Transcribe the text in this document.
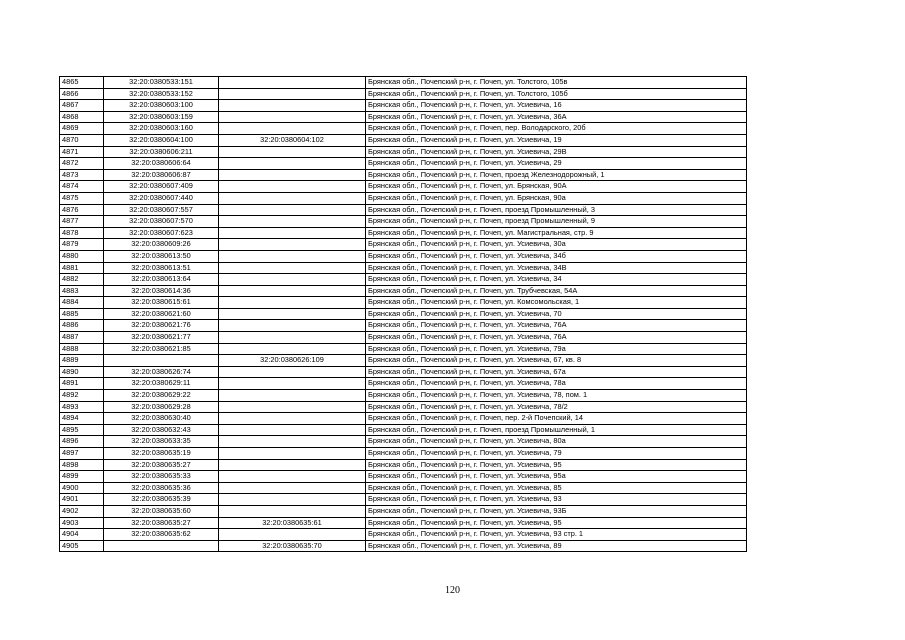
4865	32:20:0380533:151		Брянская обл., Почепский р-н, г. Почеп, ул. Толстого, 105в
4866	32:20:0380533:152		Брянская обл., Почепский р-н, г. Почеп, ул. Толстого, 105б
4867	32:20:0380603:100		Брянская обл., Почепский р-н, г. Почеп, ул. Усиевича, 16
4868	32:20:0380603:159		Брянская обл., Почепский р-н, г. Почеп, ул. Усиевича, 36А
4869	32:20:0380603:160		Брянская обл., Почепский р-н, г. Почеп, пер. Володарского, 20б
4870	32:20:0380604:100	32:20:0380604:102	Брянская обл., Почепский р-н, г. Почеп, ул. Усиевича, 19
4871	32:20:0380606:211		Брянская обл., Почепский р-н, г. Почеп, ул. Усиевича, 29В
4872	32:20:0380606:64		Брянская обл., Почепский р-н, г. Почеп, ул. Усиевича, 29
4873	32:20:0380606:87		Брянская обл., Почепский р-н, г. Почеп, проезд Железнодорожный, 1
4874	32:20:0380607:409		Брянская обл., Почепский р-н, г. Почеп, ул. Брянская, 90А
4875	32:20:0380607:440		Брянская обл., Почепский р-н, г. Почеп, ул. Брянская, 90а
4876	32:20:0380607:557		Брянская обл., Почепский р-н, г. Почеп, проезд Промышленный, 3
4877	32:20:0380607:570		Брянская обл., Почепский р-н, г. Почеп, проезд Промышленный, 9
4878	32:20:0380607:623		Брянская обл., Почепский р-н, г. Почеп, ул. Магистральная, стр. 9
4879	32:20:0380609:26		Брянская обл., Почепский р-н, г. Почеп, ул. Усиевича, 30а
4880	32:20:0380613:50		Брянская обл., Почепский р-н, г. Почеп, ул. Усиевича, 34б
4881	32:20:0380613:51		Брянская обл., Почепский р-н, г. Почеп, ул. Усиевича, 34В
4882	32:20:0380613:64		Брянская обл., Почепский р-н, г. Почеп, ул. Усиевича, 34
4883	32:20:0380614:36		Брянская обл., Почепский р-н, г. Почеп, ул. Трубчевская, 54А
4884	32:20:0380615:61		Брянская обл., Почепский р-н, г. Почеп, ул. Комсомольская, 1
4885	32:20:0380621:60		Брянская обл., Почепский р-н, г. Почеп, ул. Усиевича, 70
4886	32:20:0380621:76		Брянская обл., Почепский р-н, г. Почеп, ул. Усиевича, 76А
4887	32:20:0380621:77		Брянская обл., Почепский р-н, г. Почеп, ул. Усиевича, 76А
4888	32:20:0380621:85		Брянская обл., Почепский р-н, г. Почеп, ул. Усиевича, 79а
4889		32:20:0380626:109	Брянская обл., Почепский р-н, г. Почеп, ул. Усиевича, 67, кв. 8
4890	32:20:0380626:74		Брянская обл., Почепский р-н, г. Почеп, ул. Усиевича, 67а
4891	32:20:0380629:11		Брянская обл., Почепский р-н, г. Почеп, ул. Усиевича, 78а
4892	32:20:0380629:22		Брянская обл., Почепский р-н, г. Почеп, ул. Усиевича, 78, пом. 1
4893	32:20:0380629:28		Брянская обл., Почепский р-н, г. Почеп, ул. Усиевича, 78/2
4894	32:20:0380630:40		Брянская обл., Почепский р-н, г. Почеп, пер. 2-й Почепский, 14
4895	32:20:0380632:43		Брянская обл., Почепский р-н, г. Почеп, проезд Промышленный, 1
4896	32:20:0380633:35		Брянская обл., Почепский р-н, г. Почеп, ул. Усиевича, 80а
4897	32:20:0380635:19		Брянская обл., Почепский р-н, г. Почеп, ул. Усиевича, 79
4898	32:20:0380635:27		Брянская обл., Почепский р-н, г. Почеп, ул. Усиевича, 95
4899	32:20:0380635:33		Брянская обл., Почепский р-н, г. Почеп, ул. Усиевича, 95а
4900	32:20:0380635:36		Брянская обл., Почепский р-н, г. Почеп, ул. Усиевича, 85
4901	32:20:0380635:39		Брянская обл., Почепский р-н, г. Почеп, ул. Усиевича, 93
4902	32:20:0380635:60		Брянская обл., Почепский р-н, г. Почеп, ул. Усиевича, 93Б
4903	32:20:0380635:27	32:20:0380635:61	Брянская обл., Почепский р-н, г. Почеп, ул. Усиевича, 95
4904	32:20:0380635:62		Брянская обл., Почепский р-н, г. Почеп, ул. Усиевича, 93 стр. 1
4905		32:20:0380635:70	Брянская обл., Почепский р-н, г. Почеп, ул. Усиевича, 89
120
